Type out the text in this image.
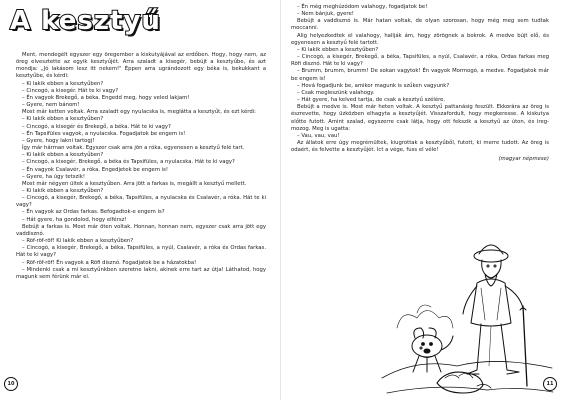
A kesztyű

Ment, mendegélt egyszer egy öregember a kiskutyájával az erdőben. Hogy, hogy nem, az öreg elvesztette az egyik kesztyűjét. Arra szaladt a kisegér, bebújt a kesztyűbe, és azt mondja: „Jó lakásom lesz itt nekem!" Éppen arra ugrándozott egy béka is, bekukkant a kesztyűbe, és kérdi:

– Ki lakik ebben a kesztyűben?

– Cincogó, a kisegér. Hát te ki vagy?

– Én vagyok Brekegő, a béka. Engedd meg, hogy veled lakjam!

– Gyere, nem bánom!

Most már ketten voltak. Arra szaladt egy nyulacska is, meglátta a kesztyűt, és ezt kérdi:

– Ki lakik ebben a kesztyűben?

– Cincogó, a kisegér és Brekegő, a béka. Hát te ki vagy?

– Én Tapsifüles vagyok, a nyulacska. Fogadjatok be engem is!

– Gyere, hogy lakni tartogj!

Így már hárman voltak. Egyszer csak arra jön a róka, egyenesen a kesztyű felé tart.

– Ki lakik ebben a kesztyűben?

– Cincogó, a kisegér, Brekegő, a béka és Tapsifüles, a nyulacska. Hát te ki vagy?

– Én vagyok Csalavér, a róka. Engedjetek be engem is!

– Gyere, ha úgy tetszik!

Most már négyen ültek a kesztyűben. Arra jött a farkas is, megállt a kesztyű mellett.

– Ki lakik ebben a kesztyűben?

– Cincogó, a kisegér, Brekegő, a béka, Tapsifüles, a nyulacska és Csalavér, a róka. Hát te ki vagy?

– Én vagyok az Ordas farkas. Befogadtok-e engem is?

– Hát gyere, ha gondolod, hogy elférsz!

Bebújt a farkas is. Most már öten voltak. Honnan, honnan nem, egyszer csak arra jött egy vaddisznó.

– Röf-röf-röf! Ki lakik ebben a kesztyűben?

– Cincogó, a kisegér, Brekegő, a béka, Tapsifüles, a nyúl, Csalavér, a róka és Ordas farkas. Hát te ki vagy?

– Röf-röf-röf! Én vagyok a Röfi disznó. Fogadjatok be a házatokba!

– Mindenki csak a mi kesztyűnkben szeretne lakni, akinek erre tart az útja! Láthatod, hogy magunk sem férünk már el.

10

– Én még meghúzódom valahogy, fogadjatok be!

– Nem bánjuk, gyere!

Bebújt a vaddisznó is. Már hatan voltak, de olyan szorosan, hogy még meg sem tudtak moccanni.

Alig helyezkedtek el valahogy, hallják ám, hogy zörögnek a bokrok. A medve bújt elő, és egyenesen a kesztyű felé tartott.

– Ki lakik ebben a kesztyűben?

– Cincogó, a kisegér, Brekegő, a béka, Tapsifüles, a nyúl, Csalavér, a róka, Ordas farkas meg Röfi disznó. Hát te ki vagy?

– Brumm, brumm, brumm! De sokan vagytok! Én vagyok Mormogó, a medve. Fogadjatok már be engem is!

– Hová fogadjunk be, amikor magunk is szűken vagyunk?

– Csak megleszünk valahogy.

– Hát gyere, ha kelved tartja, de csak a kesztyű szélére.

Bebújt a medve is. Most már heten voltak. A kesztyű pattanásig feszült. Ekkorára az öreg is észrevette, hogy üzközben elhagyta a kesztyűjét. Visszafordult, hogy megkeresse. A kiskutya előtte futott. Amint szalad, egyszerre csak látja, hogy ott fekszik a kesztyű az úton, és ireg-mozog. Meg is ugatta:

– Vau, vau, vau!

Az állatok erre úgy megrémültek, kiugrottak a kesztyűből, futott, ki merre tudott. Az öreg is odaért, és felvette a kesztyűjét. Ict a vége, fuss el véle!

(magyar népmese)

11
